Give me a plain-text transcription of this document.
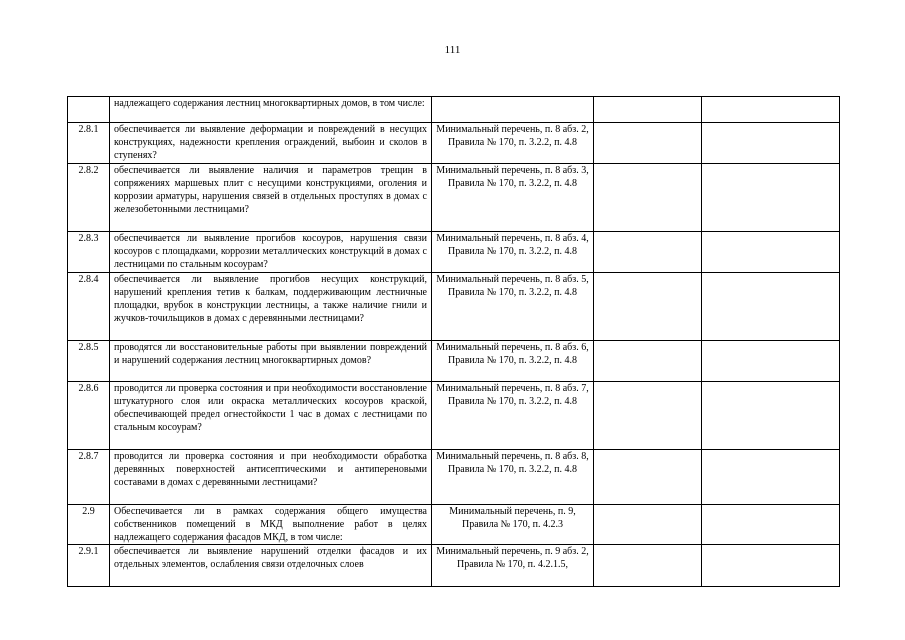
111
	надлежащего содержания лестниц многоквартирных домов, в том числе:			
2.8.1	обеспечивается ли выявление деформации и повреждений в несущих конструкциях, надежности крепления ограждений, выбоин и сколов в ступенях?	Минимальный перечень, п. 8 абз. 2, Правила № 170, п. 3.2.2, п. 4.8		
2.8.2	обеспечивается ли выявление наличия и параметров трещин в сопряжениях маршевых плит с несущими конструкциями, оголения и коррозии арматуры, нарушения связей в отдельных проступях в домах с железобетонными лестницами?	Минимальный перечень, п. 8 абз. 3, Правила № 170, п. 3.2.2, п. 4.8		
2.8.3	обеспечивается ли выявление прогибов косоуров, нарушения связи косоуров с площадками, коррозии металлических конструкций в домах с лестницами по стальным косоурам?	Минимальный перечень, п. 8 абз. 4, Правила № 170, п. 3.2.2, п. 4.8		
2.8.4	обеспечивается ли выявление прогибов несущих конструкций, нарушений крепления тетив к балкам, поддерживающим лестничные площадки, врубок в конструкции лестницы, а также наличие гнили и жучков-точильщиков в домах с деревянными лестницами?	Минимальный перечень, п. 8 абз. 5, Правила № 170, п. 3.2.2, п. 4.8		
2.8.5	проводятся ли восстановительные работы при выявлении повреждений и нарушений содержания лестниц многоквартирных домов?	Минимальный перечень, п. 8 абз. 6, Правила № 170, п. 3.2.2, п. 4.8		
2.8.6	проводится ли проверка состояния и при необходимости восстановление штукатурного слоя или окраска металлических косоуров краской, обеспечивающей предел огнестойкости 1 час в домах с лестницами по стальным косоурам?	Минимальный перечень, п. 8 абз. 7, Правила № 170, п. 3.2.2, п. 4.8		
2.8.7	проводится ли проверка состояния и при необходимости обработка деревянных поверхностей антисептическими и антипереновыми составами в домах с деревянными лестницами?	Минимальный перечень, п. 8 абз. 8, Правила № 170, п. 3.2.2, п. 4.8		
2.9	Обеспечивается ли в рамках содержания общего имущества собственников помещений в МКД выполнение работ в целях надлежащего содержания фасадов МКД, в том числе:	Минимальный перечень, п. 9, Правила № 170, п. 4.2.3		
2.9.1	обеспечивается ли выявление нарушений отделки фасадов и их отдельных элементов, ослабления связи отделочных слоев	Минимальный перечень, п. 9 абз. 2, Правила № 170, п. 4.2.1.5,		
